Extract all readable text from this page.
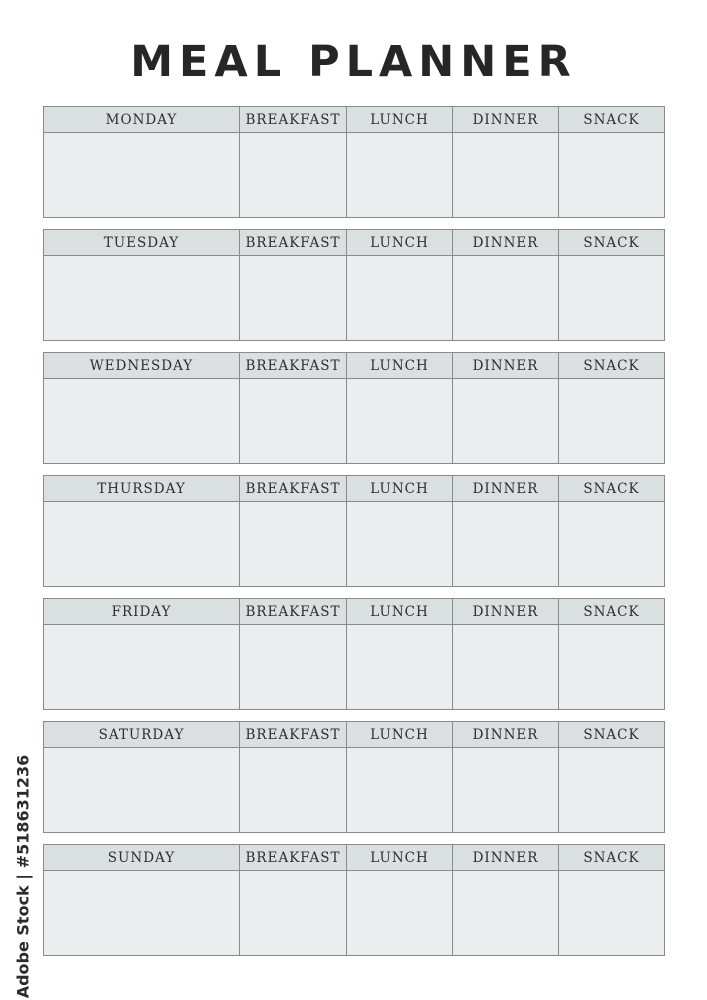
MEAL PLANNER
MONDAY	BREAKFAST	LUNCH	DINNER	SNACK
TUESDAY	BREAKFAST	LUNCH	DINNER	SNACK
WEDNESDAY	BREAKFAST	LUNCH	DINNER	SNACK
THURSDAY	BREAKFAST	LUNCH	DINNER	SNACK
FRIDAY	BREAKFAST	LUNCH	DINNER	SNACK
SATURDAY	BREAKFAST	LUNCH	DINNER	SNACK
SUNDAY	BREAKFAST	LUNCH	DINNER	SNACK
Adobe Stock | #518631236
